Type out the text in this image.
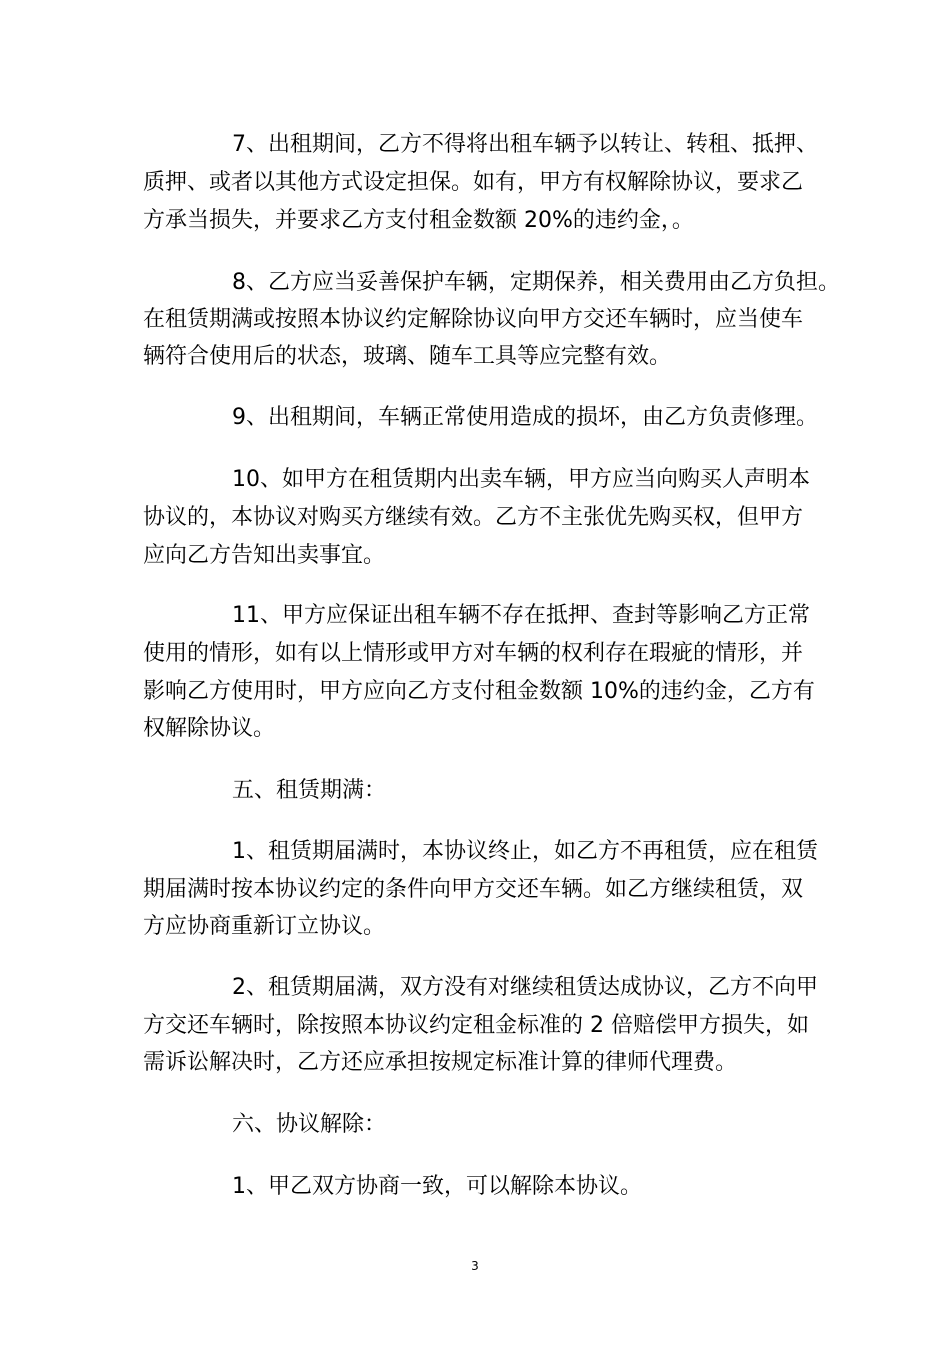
7、出租期间，乙方不得将出租车辆予以转让、转租、抵押、
质押、或者以其他方式设定担保。如有，甲方有权解除协议，要求乙
方承当损失，并要求乙方支付租金数额 20%的违约金，。
8、乙方应当妥善保护车辆，定期保养，相关费用由乙方负担。
在租赁期满或按照本协议约定解除协议向甲方交还车辆时，应当使车
辆符合使用后的状态，玻璃、随车工具等应完整有效。
9、出租期间，车辆正常使用造成的损坏，由乙方负责修理。
10、如甲方在租赁期内出卖车辆，甲方应当向购买人声明本
协议的，本协议对购买方继续有效。乙方不主张优先购买权，但甲方
应向乙方告知出卖事宜。
11、甲方应保证出租车辆不存在抵押、查封等影响乙方正常
使用的情形，如有以上情形或甲方对车辆的权利存在瑕疵的情形，并
影响乙方使用时，甲方应向乙方支付租金数额 10%的违约金，乙方有
权解除协议。
五、租赁期满：
1、租赁期届满时，本协议终止，如乙方不再租赁，应在租赁
期届满时按本协议约定的条件向甲方交还车辆。如乙方继续租赁，双
方应协商重新订立协议。
2、租赁期届满，双方没有对继续租赁达成协议，乙方不向甲
方交还车辆时，除按照本协议约定租金标准的 2 倍赔偿甲方损失，如
需诉讼解决时，乙方还应承担按规定标准计算的律师代理费。
六、协议解除：
1、甲乙双方协商一致，可以解除本协议。
3
